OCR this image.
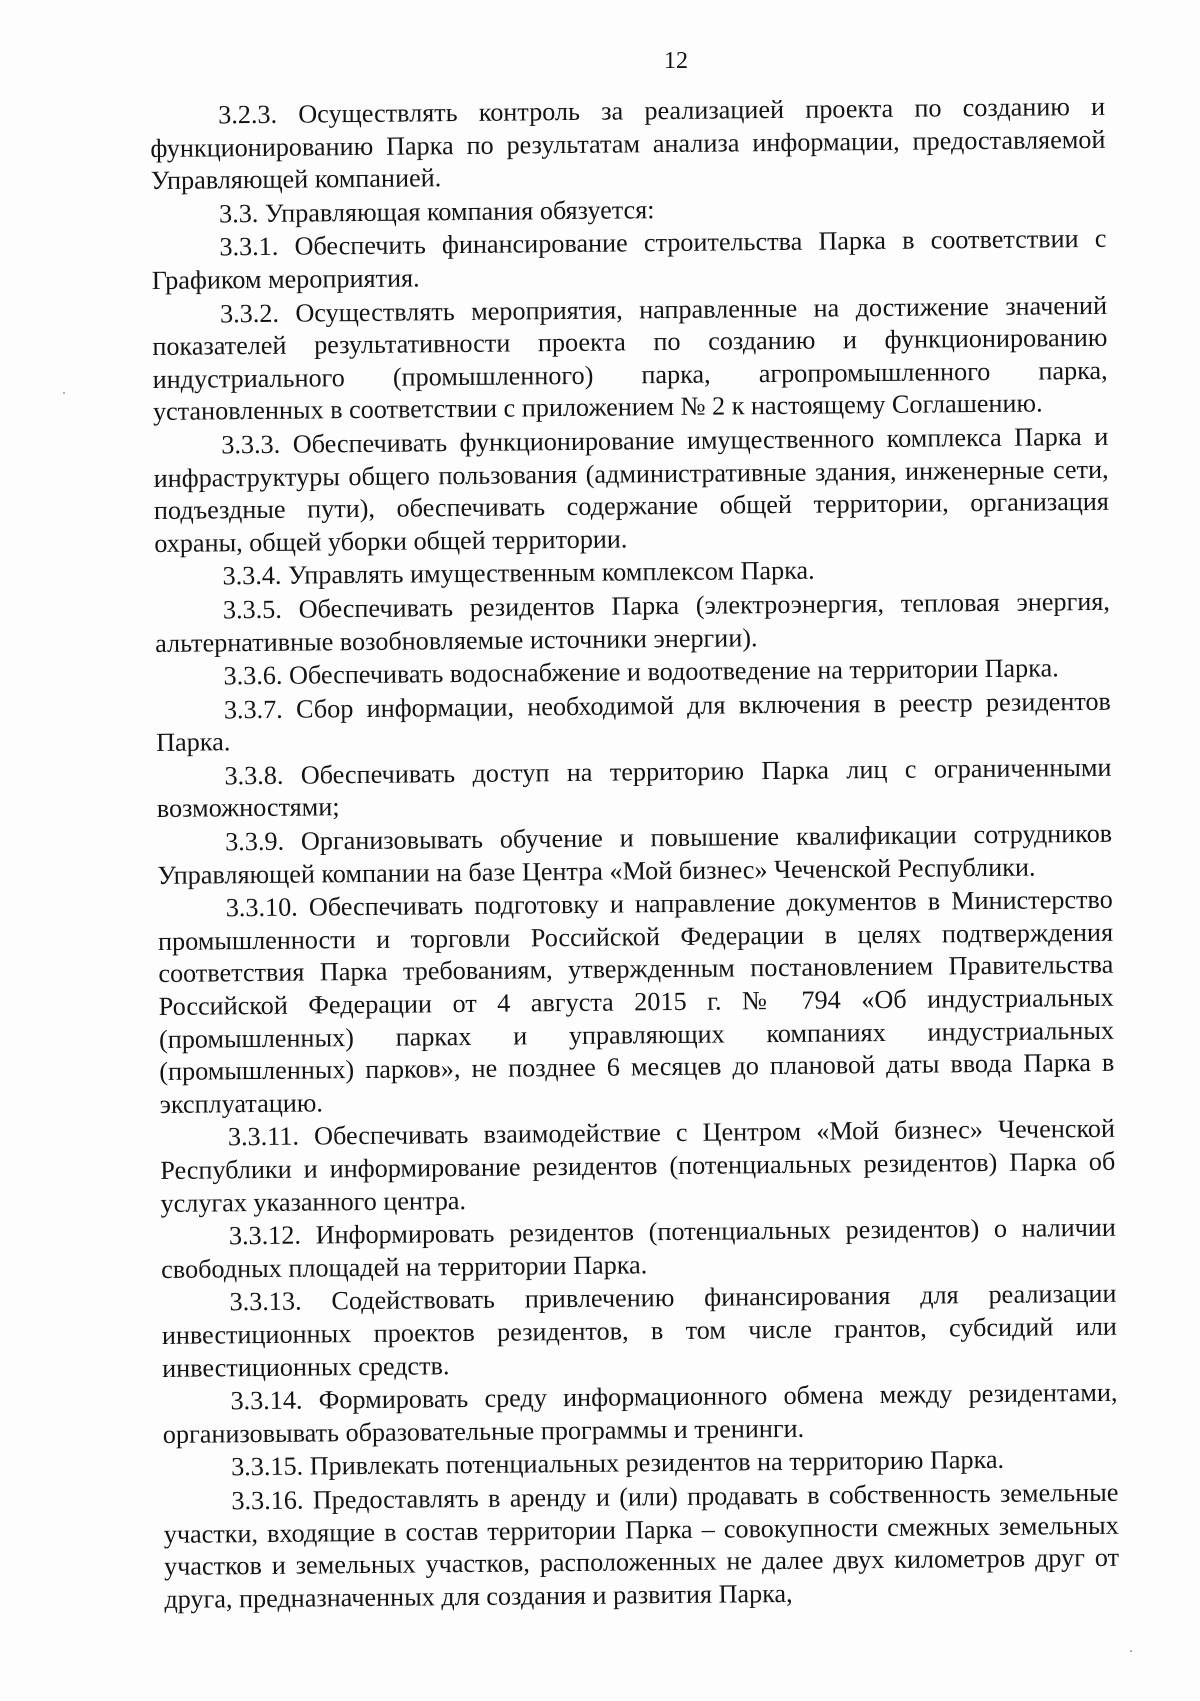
12

3.2.3. Осуществлять контроль за реализацией проекта по созданию и функционированию Парка по результатам анализа информации, предоставляемой Управляющей компанией.

3.3. Управляющая компания обязуется:

3.3.1. Обеспечить финансирование строительства Парка в соответствии с Графиком мероприятия.

3.3.2. Осуществлять мероприятия, направленные на достижение значений показателей результативности проекта по созданию и функционированию индустриального (промышленного) парка, агропромышленного парка, установленных в соответствии с приложением № 2 к настоящему Соглашению.

3.3.3. Обеспечивать функционирование имущественного комплекса Парка и инфраструктуры общего пользования (административные здания, инженерные сети, подъездные пути), обеспечивать содержание общей территории, организация охраны, общей уборки общей территории.

3.3.4. Управлять имущественным комплексом Парка.

3.3.5. Обеспечивать резидентов Парка (электроэнергия, тепловая энергия, альтернативные возобновляемые источники энергии).

3.3.6. Обеспечивать водоснабжение и водоотведение на территории Парка.

3.3.7. Сбор информации, необходимой для включения в реестр резидентов Парка.

3.3.8. Обеспечивать доступ на территорию Парка лиц с ограниченными возможностями;

3.3.9. Организовывать обучение и повышение квалификации сотрудников Управляющей компании на базе Центра «Мой бизнес» Чеченской Республики.

3.3.10. Обеспечивать подготовку и направление документов в Министерство промышленности и торговли Российской Федерации в целях подтверждения соответствия Парка требованиям, утвержденным постановлением Правительства Российской Федерации от 4 августа 2015 г. № 794 «Об индустриальных (промышленных) парках и управляющих компаниях индустриальных (промышленных) парков», не позднее 6 месяцев до плановой даты ввода Парка в эксплуатацию.

3.3.11. Обеспечивать взаимодействие с Центром «Мой бизнес» Чеченской Республики и информирование резидентов (потенциальных резидентов) Парка об услугах указанного центра.

3.3.12. Информировать резидентов (потенциальных резидентов) о наличии свободных площадей на территории Парка.

3.3.13. Содействовать привлечению финансирования для реализации инвестиционных проектов резидентов, в том числе грантов, субсидий или инвестиционных средств.

3.3.14. Формировать среду информационного обмена между резидентами, организовывать образовательные программы и тренинги.

3.3.15. Привлекать потенциальных резидентов на территорию Парка.

3.3.16. Предоставлять в аренду и (или) продавать в собственность земельные участки, входящие в состав территории Парка – совокупности смежных земельных участков и земельных участков, расположенных не далее двух километров друг от друга, предназначенных для создания и развития Парка,
